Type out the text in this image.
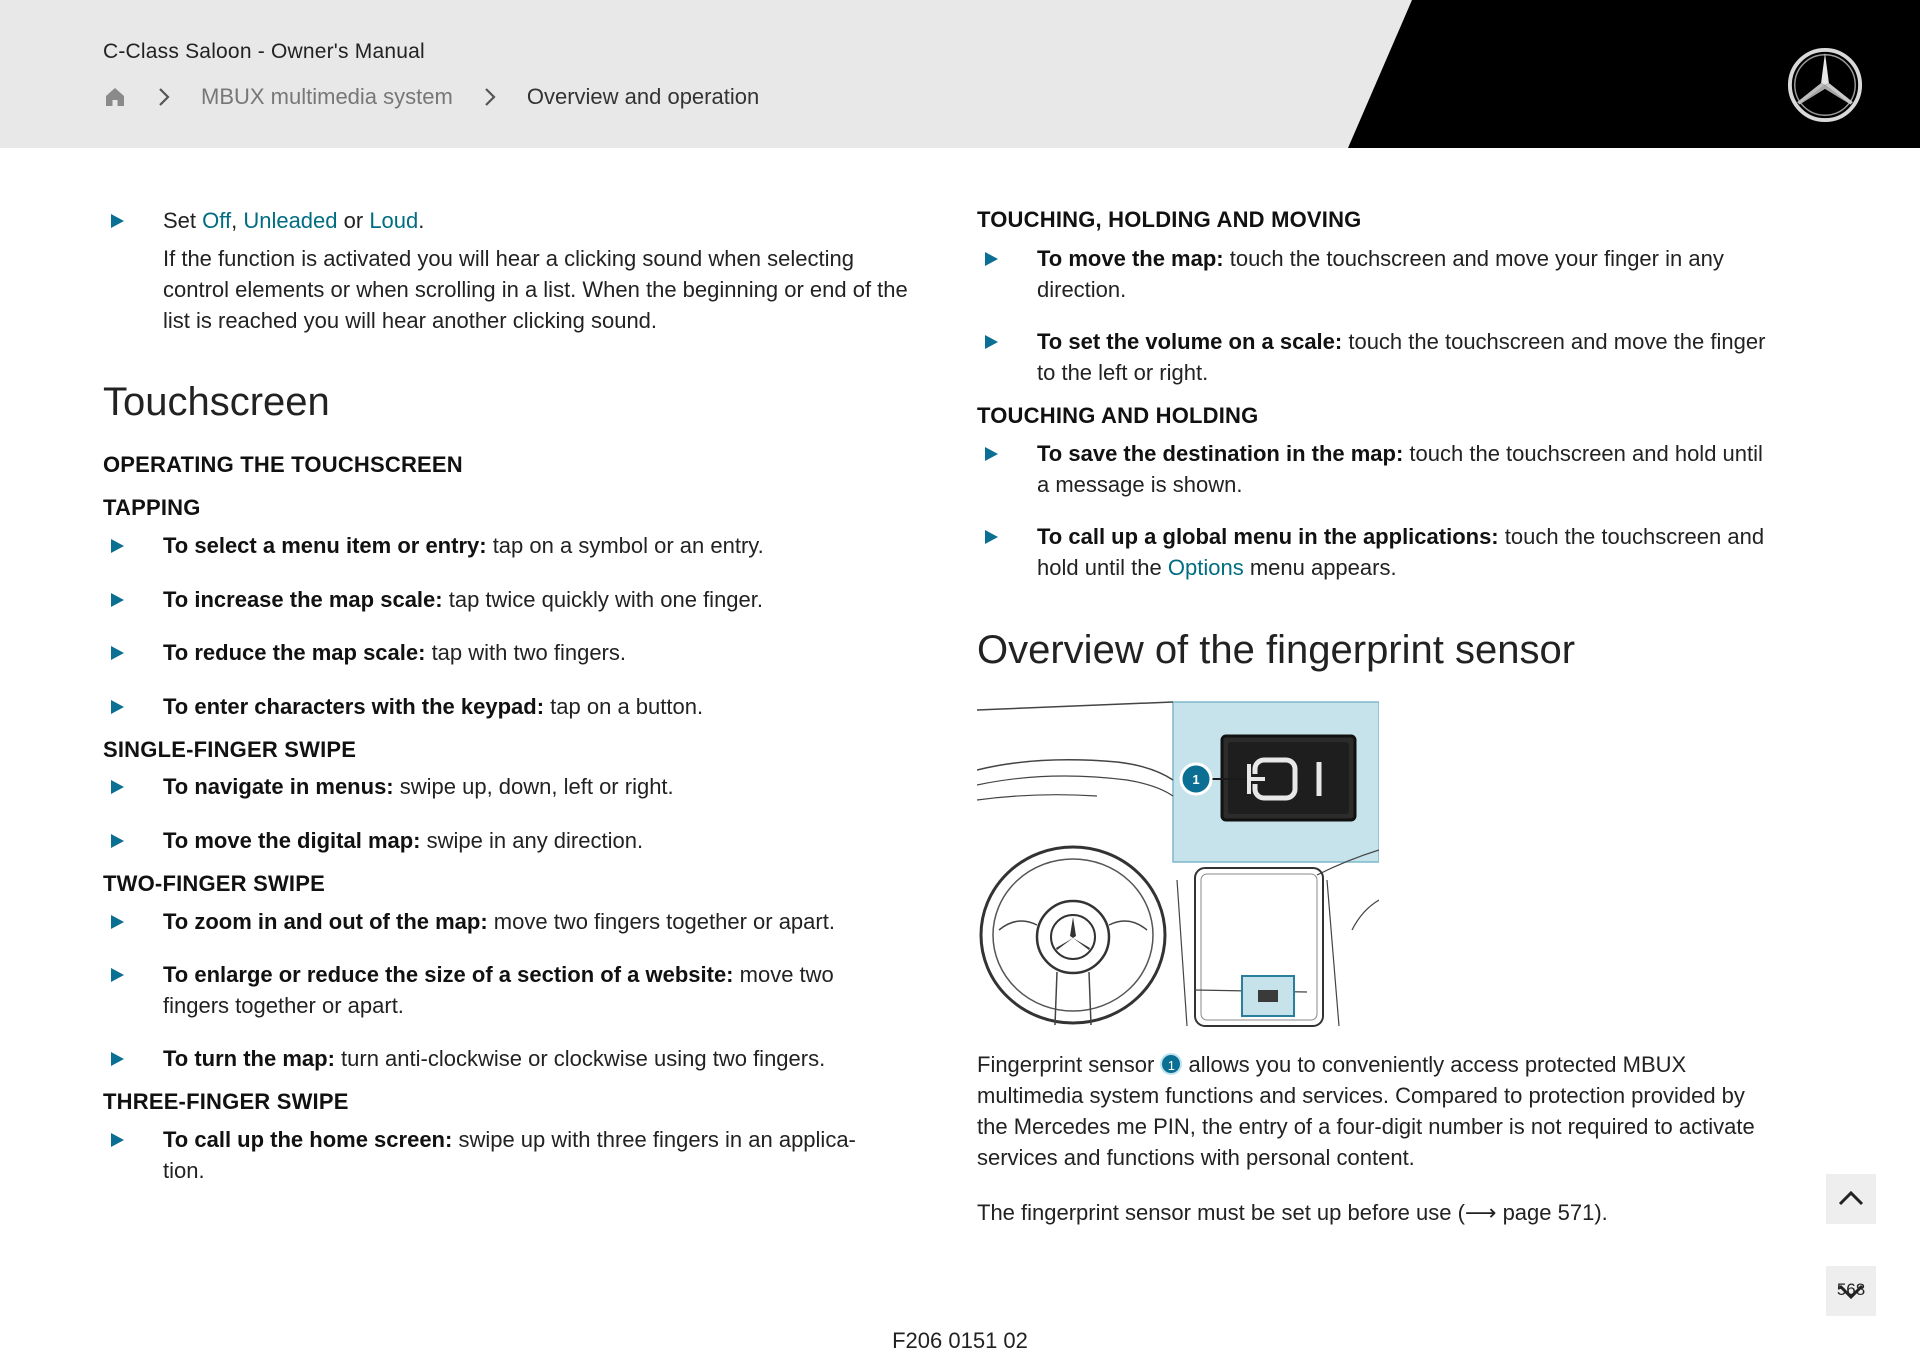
C-Class Saloon - Owner's Manual
MBUX multimedia system	Overview and operation
Set Off, Unleaded or Loud.
If the function is activated you will hear a clicking sound when selecting control elements or when scrolling in a list. When the beginning or end of the list is reached you will hear another clicking sound.
Touchscreen
OPERATING THE TOUCHSCREEN
TAPPING
To select a menu item or entry: tap on a symbol or an entry.
To increase the map scale: tap twice quickly with one finger.
To reduce the map scale: tap with two fingers.
To enter characters with the keypad: tap on a button.
SINGLE-FINGER SWIPE
To navigate in menus: swipe up, down, left or right.
To move the digital map: swipe in any direction.
TWO-FINGER SWIPE
To zoom in and out of the map: move two fingers together or apart.
To enlarge or reduce the size of a section of a website: move two fingers together or apart.
To turn the map: turn anti-clockwise or clockwise using two fingers.
THREE-FINGER SWIPE
To call up the home screen: swipe up with three fingers in an applica- tion.
TOUCHING, HOLDING AND MOVING
To move the map: touch the touchscreen and move your finger in any direction.
To set the volume on a scale: touch the touchscreen and move the finger to the left or right.
TOUCHING AND HOLDING
To save the destination in the map: touch the touchscreen and hold until a message is shown.
To call up a global menu in the applications: touch the touchscreen and hold until the Options menu appears.
Overview of the fingerprint sensor
1
Fingerprint sensor 1 allows you to conveniently access protected MBUX multimedia system functions and services. Compared to protection provided by the Mercedes me PIN, the entry of a four-digit number is not required to activate services and functions with personal content.
The fingerprint sensor must be set up before use (⟶ page 571).
568
F206 0151 02
